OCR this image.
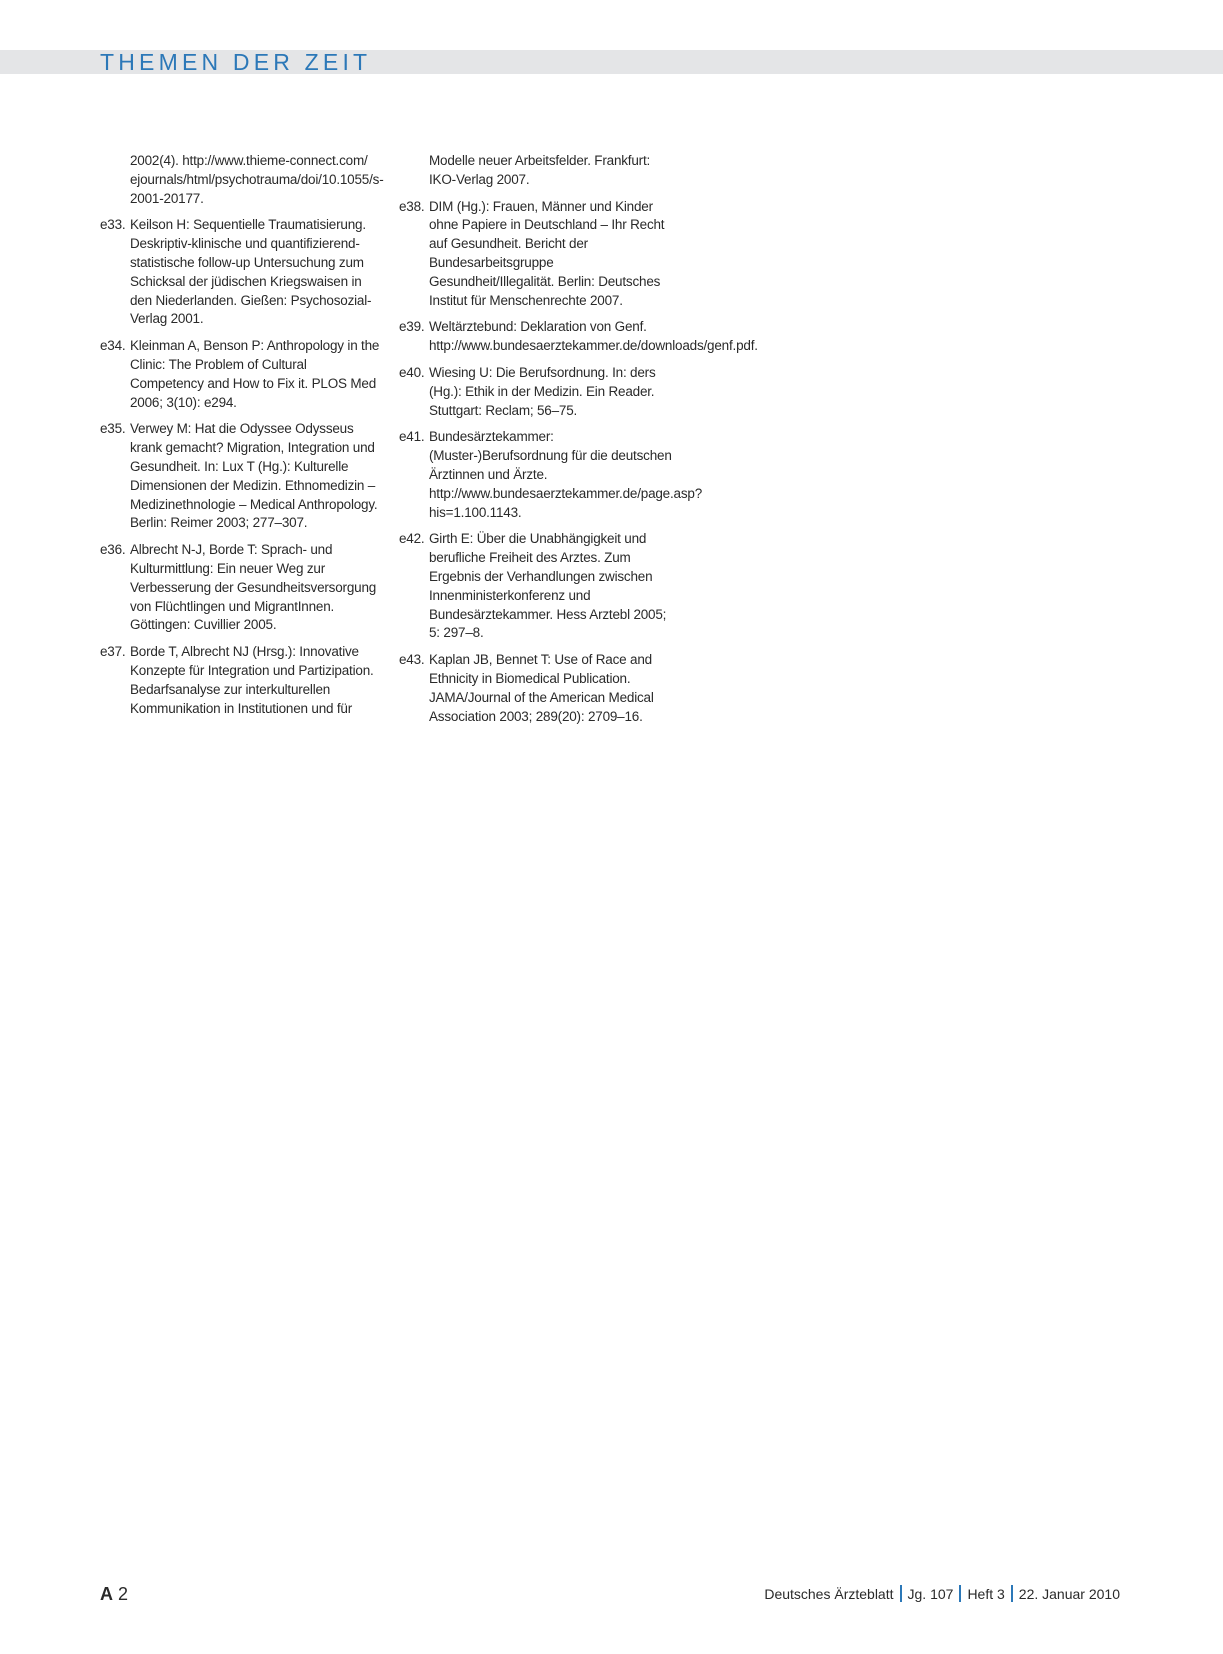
THEMEN DER ZEIT
2002(4). http://www.thieme-connect.com/ ejournals/html/psychotrauma/doi/10.1055/s-2001-20177.
e33. Keilson H: Sequentielle Traumatisierung. Deskriptiv-klinische und quantifizierend-statistische follow-up Untersuchung zum Schicksal der jüdischen Kriegswaisen in den Niederlanden. Gießen: Psychosozial-Verlag 2001.
e34. Kleinman A, Benson P: Anthropology in the Clinic: The Problem of Cultural Competency and How to Fix it. PLOS Med 2006; 3(10): e294.
e35. Verwey M: Hat die Odyssee Odysseus krank gemacht? Migration, Integration und Gesundheit. In: Lux T (Hg.): Kulturelle Dimensionen der Medizin. Ethnomedizin – Medizinethnologie – Medical Anthropology. Berlin: Reimer 2003; 277–307.
e36. Albrecht N-J, Borde T: Sprach- und Kulturmittlung: Ein neuer Weg zur Verbesserung der Gesundheitsversorgung von Flüchtlingen und MigrantInnen. Göttingen: Cuvillier 2005.
e37. Borde T, Albrecht NJ (Hrsg.): Innovative Konzepte für Integration und Partizipation. Bedarfsanalyse zur interkulturellen Kommunikation in Institutionen und für
Modelle neuer Arbeitsfelder. Frankfurt: IKO-Verlag 2007.
e38. DIM (Hg.): Frauen, Männer und Kinder ohne Papiere in Deutschland – Ihr Recht auf Gesundheit. Bericht der Bundesarbeitsgruppe Gesundheit/Illegalität. Berlin: Deutsches Institut für Menschenrechte 2007.
e39. Weltärztebund: Deklaration von Genf. http://www.bundesaerztekammer.de/downloads/genf.pdf.
e40. Wiesing U: Die Berufsordnung. In: ders (Hg.): Ethik in der Medizin. Ein Reader. Stuttgart: Reclam; 56–75.
e41. Bundesärztekammer: (Muster-)Berufsordnung für die deutschen Ärztinnen und Ärzte. http://www.bundesaerztekammer.de/page.asp?his=1.100.1143.
e42. Girth E: Über die Unabhängigkeit und berufliche Freiheit des Arztes. Zum Ergebnis der Verhandlungen zwischen Innenministerkonferenz und Bundesärztekammer. Hess Arztebl 2005; 5: 297–8.
e43. Kaplan JB, Bennet T: Use of Race and Ethnicity in Biomedical Publication. JAMA/Journal of the American Medical Association 2003; 289(20): 2709–16.
A 2	Deutsches Ärzteblatt Jg. 107 Heft 3 22. Januar 2010
